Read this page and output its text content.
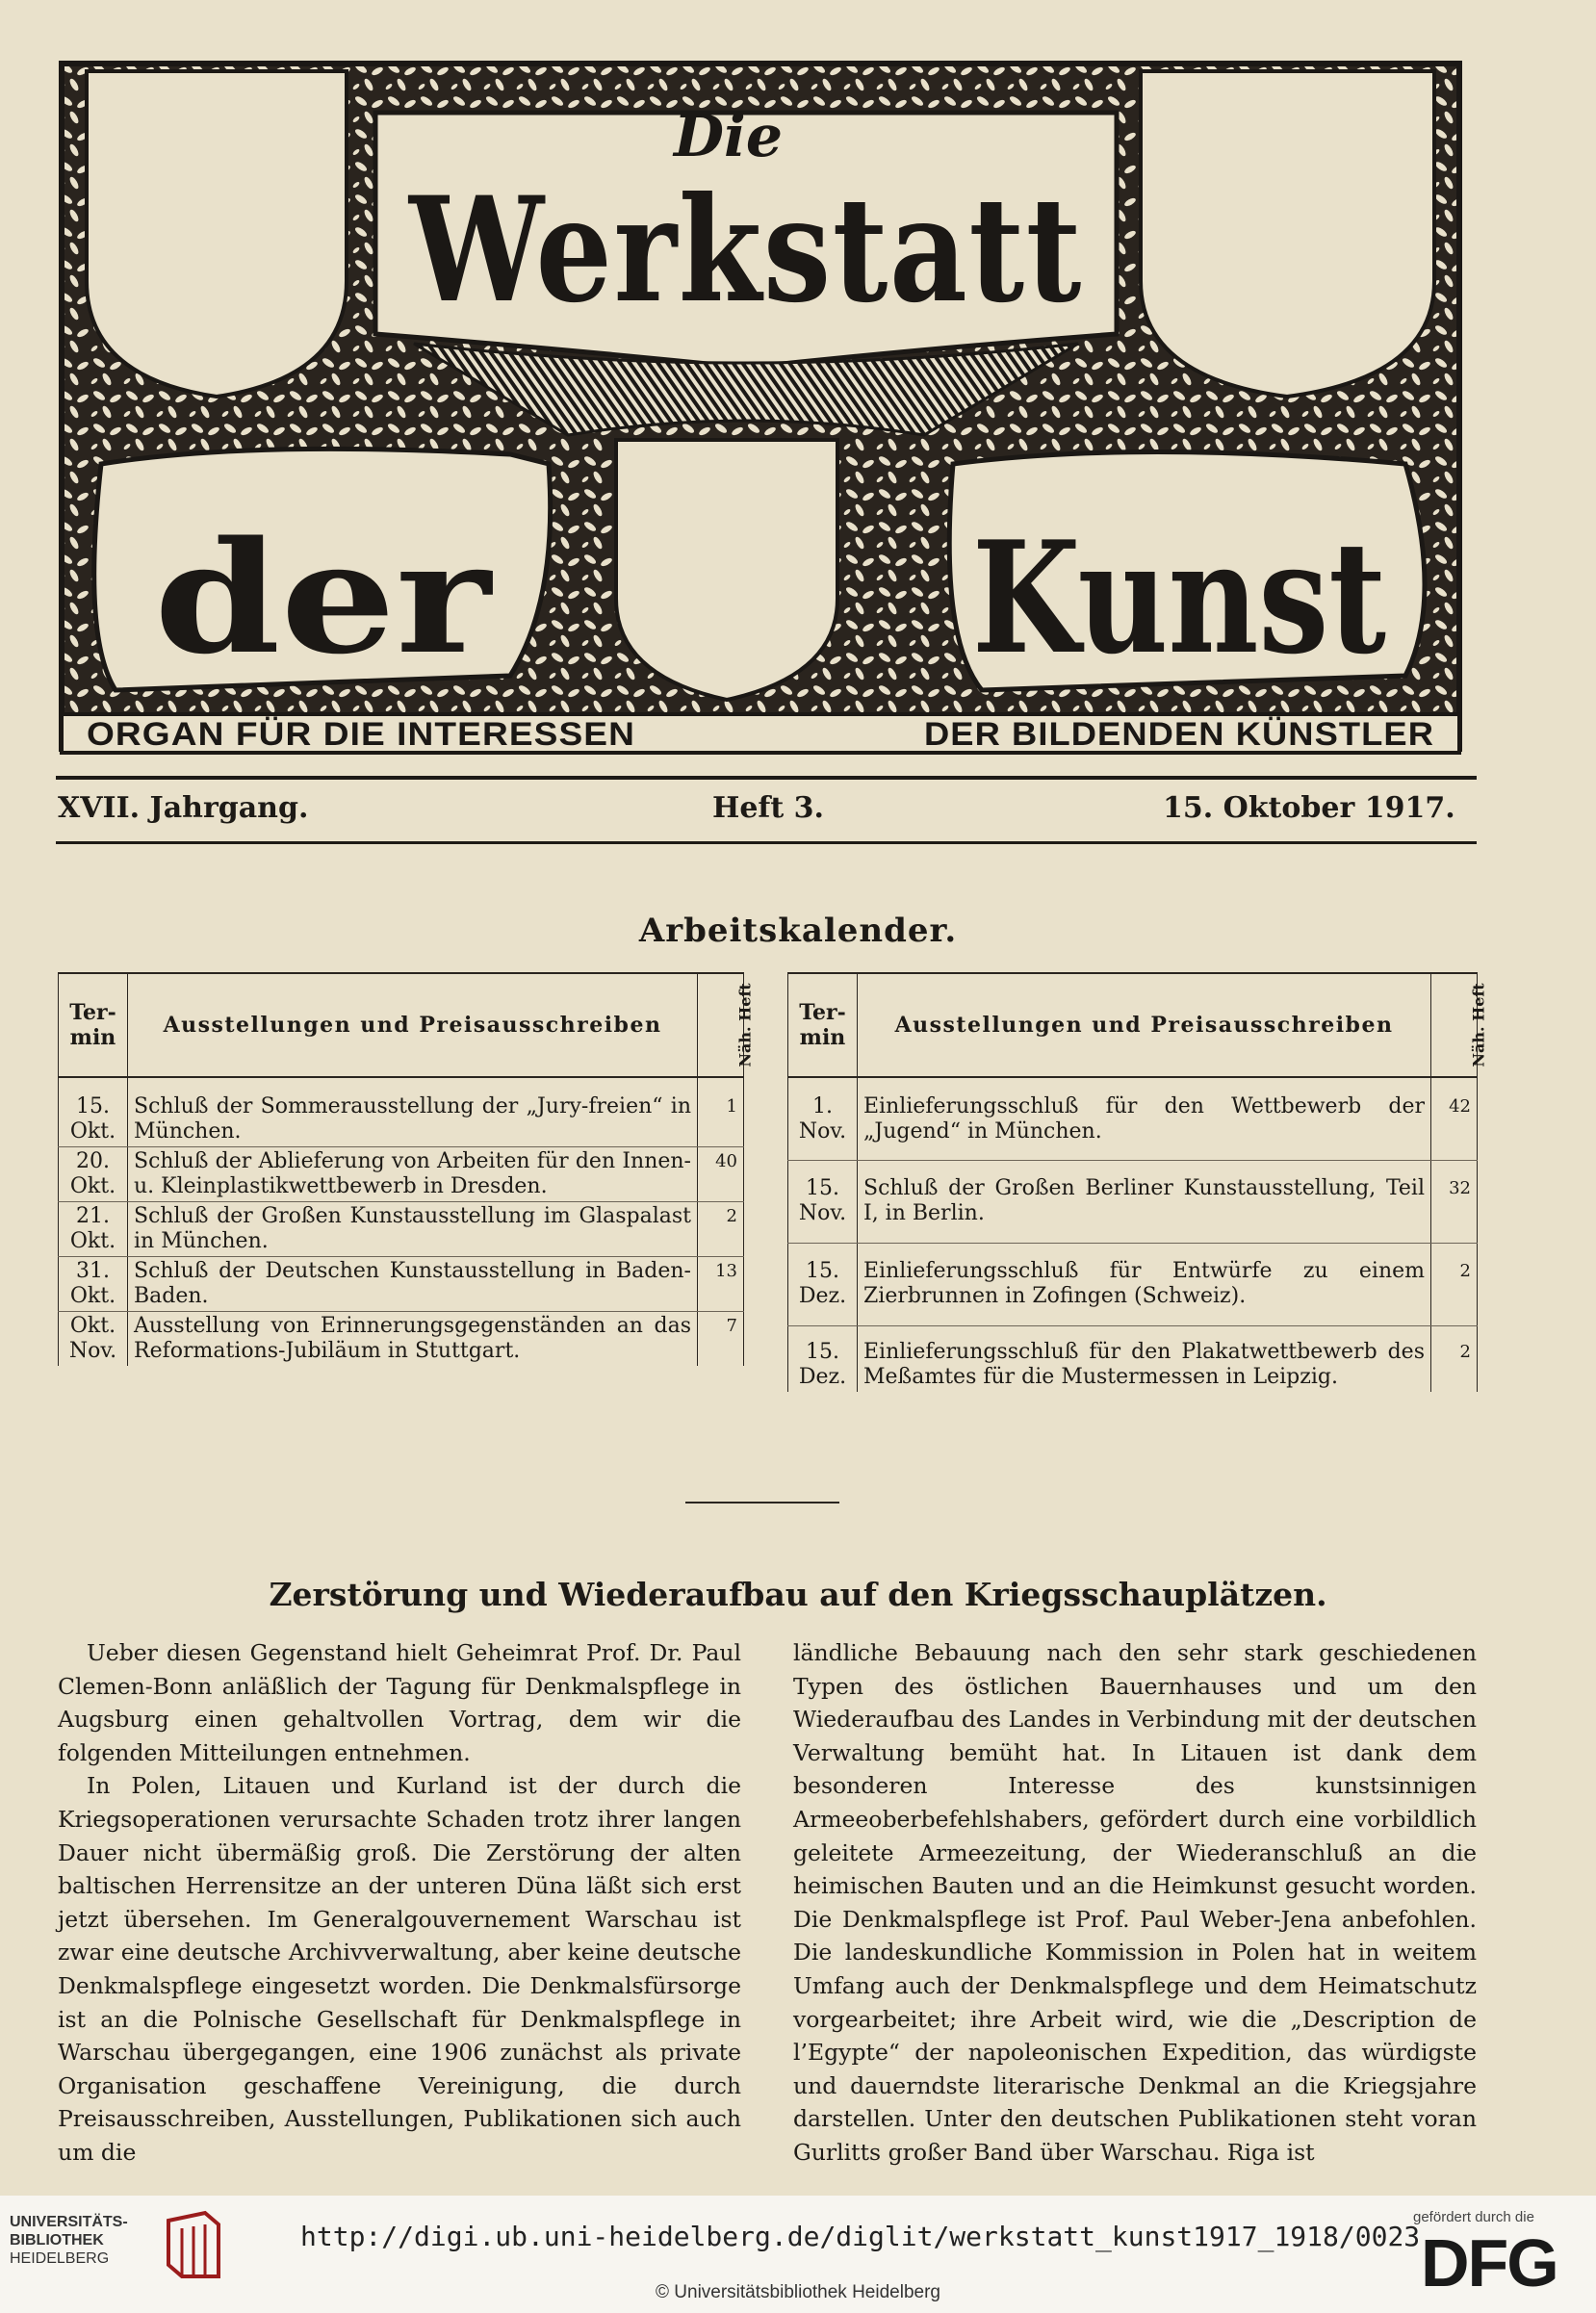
Die
Werkstatt
der	Kunst
ORGAN FÜR DIE INTERESSEN	DER BILDENDEN KÜNSTLER
XVII. Jahrgang.	Heft 3.	15. Oktober 1917.
Arbeitskalender.
Ter-
min	Ausstellungen und Preisausschreiben	Näh. Heft

15.
Okt.	Schluß der Sommerausstellung der „Jury-freien“ in München.	1
20.
Okt.	Schluß der Ablieferung von Arbeiten für den Innen- u. Kleinplastikwettbewerb in Dresden.	40
21.
Okt.	Schluß der Großen Kunstausstellung im Glaspalast in München.	2
31.
Okt.	Schluß der Deutschen Kunstausstellung in Baden-Baden.	13
Okt.
Nov.	Ausstellung von Erinnerungsgegenständen an das Reformations-Jubiläum in Stuttgart.	7
Ter-
min	Ausstellungen und Preisausschreiben	Näh. Heft

1.
Nov.	Einlieferungsschluß für den Wettbewerb der „Jugend“ in München.	42
15.
Nov.	Schluß der Großen Berliner Kunstausstellung, Teil I, in Berlin.	32
15.
Dez.	Einlieferungsschluß für Entwürfe zu einem Zierbrunnen in Zofingen (Schweiz).	2
15.
Dez.	Einlieferungsschluß für den Plakatwettbewerb des Meßamtes für die Mustermessen in Leipzig.	2
Zerstörung und Wiederaufbau auf den Kriegsschauplätzen.

Ueber diesen Gegenstand hielt Geheimrat Prof. Dr. Paul Clemen-Bonn anläßlich der Tagung für Denkmalspflege in Augsburg einen gehaltvollen Vortrag, dem wir die folgenden Mitteilungen entnehmen.

In Polen, Litauen und Kurland ist der durch die Kriegsoperationen verursachte Schaden trotz ihrer langen Dauer nicht übermäßig groß. Die Zerstörung der alten baltischen Herrensitze an der unteren Düna läßt sich erst jetzt übersehen. Im Generalgouvernement Warschau ist zwar eine deutsche Archivverwaltung, aber keine deutsche Denkmalspflege eingesetzt worden. Die Denkmalsfürsorge ist an die Polnische Gesellschaft für Denkmalspflege in Warschau übergegangen, eine 1906 zunächst als private Organisation geschaffene Vereinigung, die durch Preisausschreiben, Ausstellungen, Publikationen sich auch um die

ländliche Bebauung nach den sehr stark geschiedenen Typen des östlichen Bauernhauses und um den Wiederaufbau des Landes in Verbindung mit der deutschen Verwaltung bemüht hat. In Litauen ist dank dem besonderen Interesse des kunstsinnigen Armeeoberbefehlshabers, gefördert durch eine vorbildlich geleitete Armeezeitung, der Wiederanschluß an die heimischen Bauten und an die Heimkunst gesucht worden. Die Denkmalspflege ist Prof. Paul Weber-Jena anbefohlen. Die landeskundliche Kommission in Polen hat in weitem Umfang auch der Denkmalspflege und dem Heimatschutz vorgearbeitet; ihre Arbeit wird, wie die „Description de l’Egypte“ der napoleonischen Expedition, das würdigste und dauerndste literarische Denkmal an die Kriegsjahre darstellen. Unter den deutschen Publikationen steht voran Gurlitts großer Band über Warschau. Riga ist

UNIVERSITÄTS-
BIBLIOTHEK
HEIDELBERG
http://digi.ub.uni-heidelberg.de/diglit/werkstatt_kunst1917_1918/0023
© Universitätsbibliothek Heidelberg
gefördert durch die
DFG
